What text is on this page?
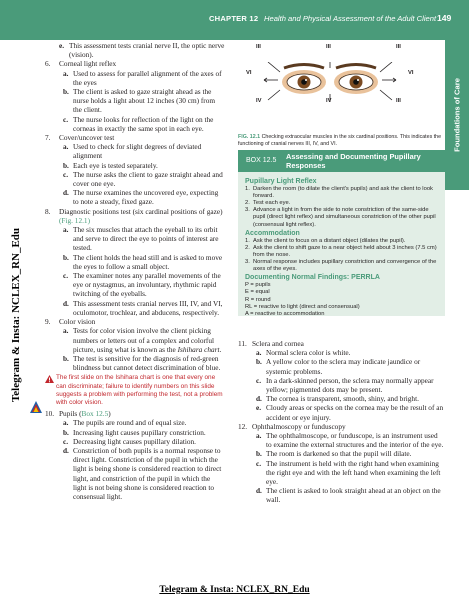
CHAPTER 12 Health and Physical Assessment of the Adult Client 149
Foundations of Care
Telegram & Insta: NCLEX_RN_Edu
e. This assessment tests cranial nerve II, the optic nerve (vision).
6. Corneal light reflex
a. Used to assess for parallel alignment of the axes of the eyes
b. The client is asked to gaze straight ahead as the nurse holds a light about 12 inches (30 cm) from the client.
c. The nurse looks for reflection of the light on the corneas in exactly the same spot in each eye.
7. Cover/uncover test
a. Used to check for slight degrees of deviated alignment
b. Each eye is tested separately.
c. The nurse asks the client to gaze straight ahead and cover one eye.
d. The nurse examines the uncovered eye, expecting to note a steady, fixed gaze.
8. Diagnostic positions test (six cardinal positions of gaze) (Fig. 12.1)
a. The six muscles that attach the eyeball to its orbit and serve to direct the eye to points of interest are tested.
b. The client holds the head still and is asked to move the eyes to follow a small object.
c. The examiner notes any parallel movements of the eye or nystagmus, an involuntary, rhythmic rapid twitching of the eyeballs.
d. This assessment tests cranial nerves III, IV, and VI, oculomotor, trochlear, and abducens, respectively.
9. Color vision
a. Tests for color vision involve the client picking numbers or letters out of a complex and colorful picture, using what is known as the Ishihara chart.
b. The test is sensitive for the diagnosis of red-green blindness but cannot detect discrimination of blue.
The first slide on the Ishihara chart is one that every one can discriminate; failure to identify numbers on this slide suggests a problem with performing the test, not a problem with color vision.
10. Pupils (Box 12.5)
a. The pupils are round and of equal size.
b. Increasing light causes pupillary constriction.
c. Decreasing light causes pupillary dilation.
d. Constriction of both pupils is a normal response to direct light. Constriction of the pupil in which the light is being shone is considered reaction to direct light, and constriction of the pupil in which the light is not being shone is considered reaction to consensual light.
III
VI
IV
III
IV
III
VI
III
FIG. 12.1 Checking extraocular muscles in the six cardinal positions. This indicates the functioning of cranial nerves III, IV, and VI.
BOX 12.5 Assessing and Documenting Pupillary Responses
Pupillary Light Reflex
1. Darken the room (to dilate the client's pupils) and ask the client to look forward.
2. Test each eye.
3. Advance a light in from the side to note constriction of the same-side pupil (direct light reflex) and simultaneous constriction of the other pupil (consensual light reflex).
Accommodation
1. Ask the client to focus on a distant object (dilates the pupil).
2. Ask the client to shift gaze to a near object held about 3 inches (7.5 cm) from the nose.
3. Normal response includes pupillary constriction and convergence of the axes of the eyes.
Documenting Normal Findings: PERRLA
P = pupils
E = equal
R = round
RL = reactive to light (direct and consensual)
A = reactive to accommodation
11. Sclera and cornea
a. Normal sclera color is white.
b. A yellow color to the sclera may indicate jaundice or systemic problems.
c. In a dark-skinned person, the sclera may normally appear yellow; pigmented dots may be present.
d. The cornea is transparent, smooth, shiny, and bright.
e. Cloudy areas or specks on the cornea may be the result of an accident or eye injury.
12. Ophthalmoscopy or funduscopy
a. The ophthalmoscope, or funduscope, is an instrument used to examine the external structures and the interior of the eye.
b. The room is darkened so that the pupil will dilate.
c. The instrument is held with the right hand when examining the right eye and with the left hand when examining the left eye.
d. The client is asked to look straight ahead at an object on the wall.
Telegram & Insta: NCLEX_RN_Edu
